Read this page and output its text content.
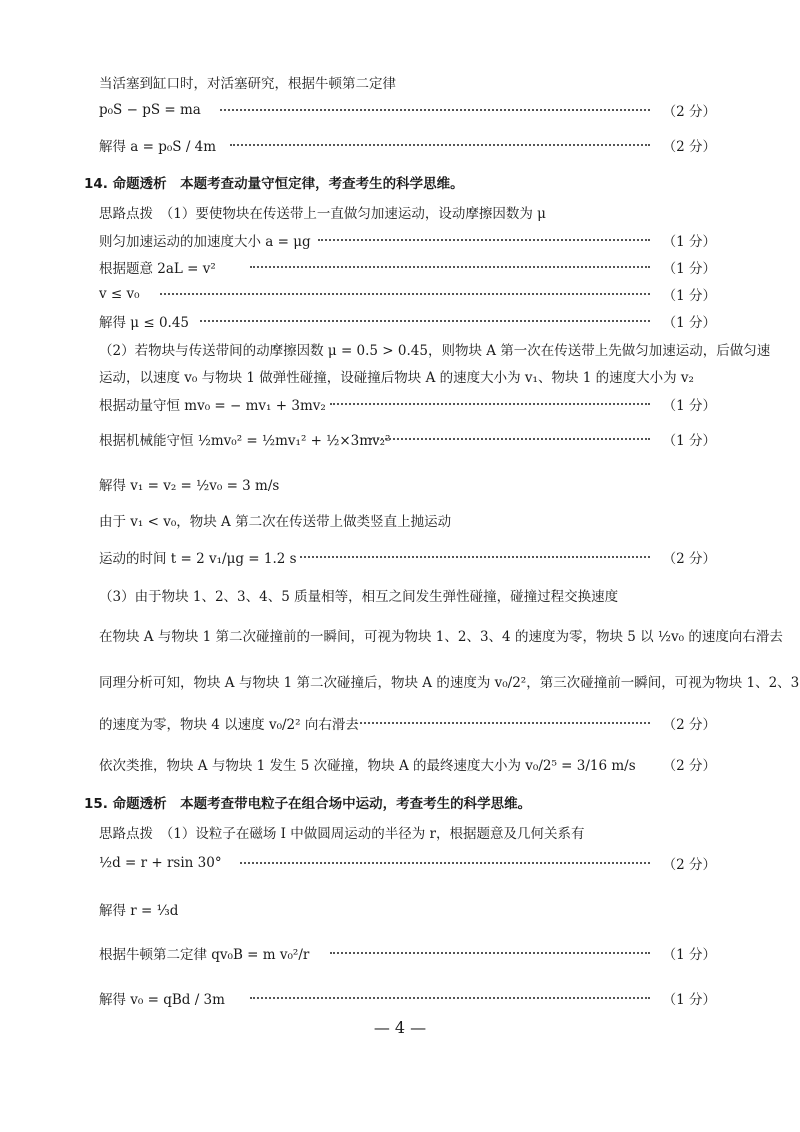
当活塞到缸口时，对活塞研究，根据牛顿第二定律
p₀S − pS = ma	（2 分）
解得 a = p₀S / 4m	（2 分）
14. 命题透析　本题考查动量守恒定律，考查考生的科学思维。
思路点拨　（1）要使物块在传送带上一直做匀加速运动，设动摩擦因数为 μ
则匀加速运动的加速度大小 a = μg	（1 分）
根据题意 2aL = v²	（1 分）
v ≤ v₀	（1 分）
解得 μ ≤ 0.45	（1 分）
（2）若物块与传送带间的动摩擦因数 μ = 0.5 > 0.45，则物块 A 第一次在传送带上先做匀加速运动，后做匀速
运动，以速度 v₀ 与物块 1 做弹性碰撞，设碰撞后物块 A 的速度大小为 v₁、物块 1 的速度大小为 v₂
根据动量守恒 mv₀ = − mv₁ + 3mv₂	（1 分）
根据机械能守恒 ½mv₀² = ½mv₁² + ½×3mv₂²	（1 分）
解得 v₁ = v₂ = ½v₀ = 3 m/s
由于 v₁ < v₀，物块 A 第二次在传送带上做类竖直上抛运动
运动的时间 t = 2 v₁/μg = 1.2 s	（2 分）
（3）由于物块 1、2、3、4、5 质量相等，相互之间发生弹性碰撞，碰撞过程交换速度
在物块 A 与物块 1 第二次碰撞前的一瞬间，可视为物块 1、2、3、4 的速度为零，物块 5 以 ½v₀ 的速度向右滑去
同理分析可知，物块 A 与物块 1 第二次碰撞后，物块 A 的速度为 v₀/2²，第三次碰撞前一瞬间，可视为物块 1、2、3
的速度为零，物块 4 以速度 v₀/2² 向右滑去	（2 分）
依次类推，物块 A 与物块 1 发生 5 次碰撞，物块 A 的最终速度大小为 v₀/2⁵ = 3/16 m/s （2 分）
15. 命题透析　本题考查带电粒子在组合场中运动，考查考生的科学思维。
思路点拨　（1）设粒子在磁场 Ⅰ 中做圆周运动的半径为 r，根据题意及几何关系有
½d = r + rsin 30°	（2 分）
解得 r = ⅓d
根据牛顿第二定律 qv₀B = m v₀²/r	（1 分）
解得 v₀ = qBd / 3m	（1 分）
— 4 —
